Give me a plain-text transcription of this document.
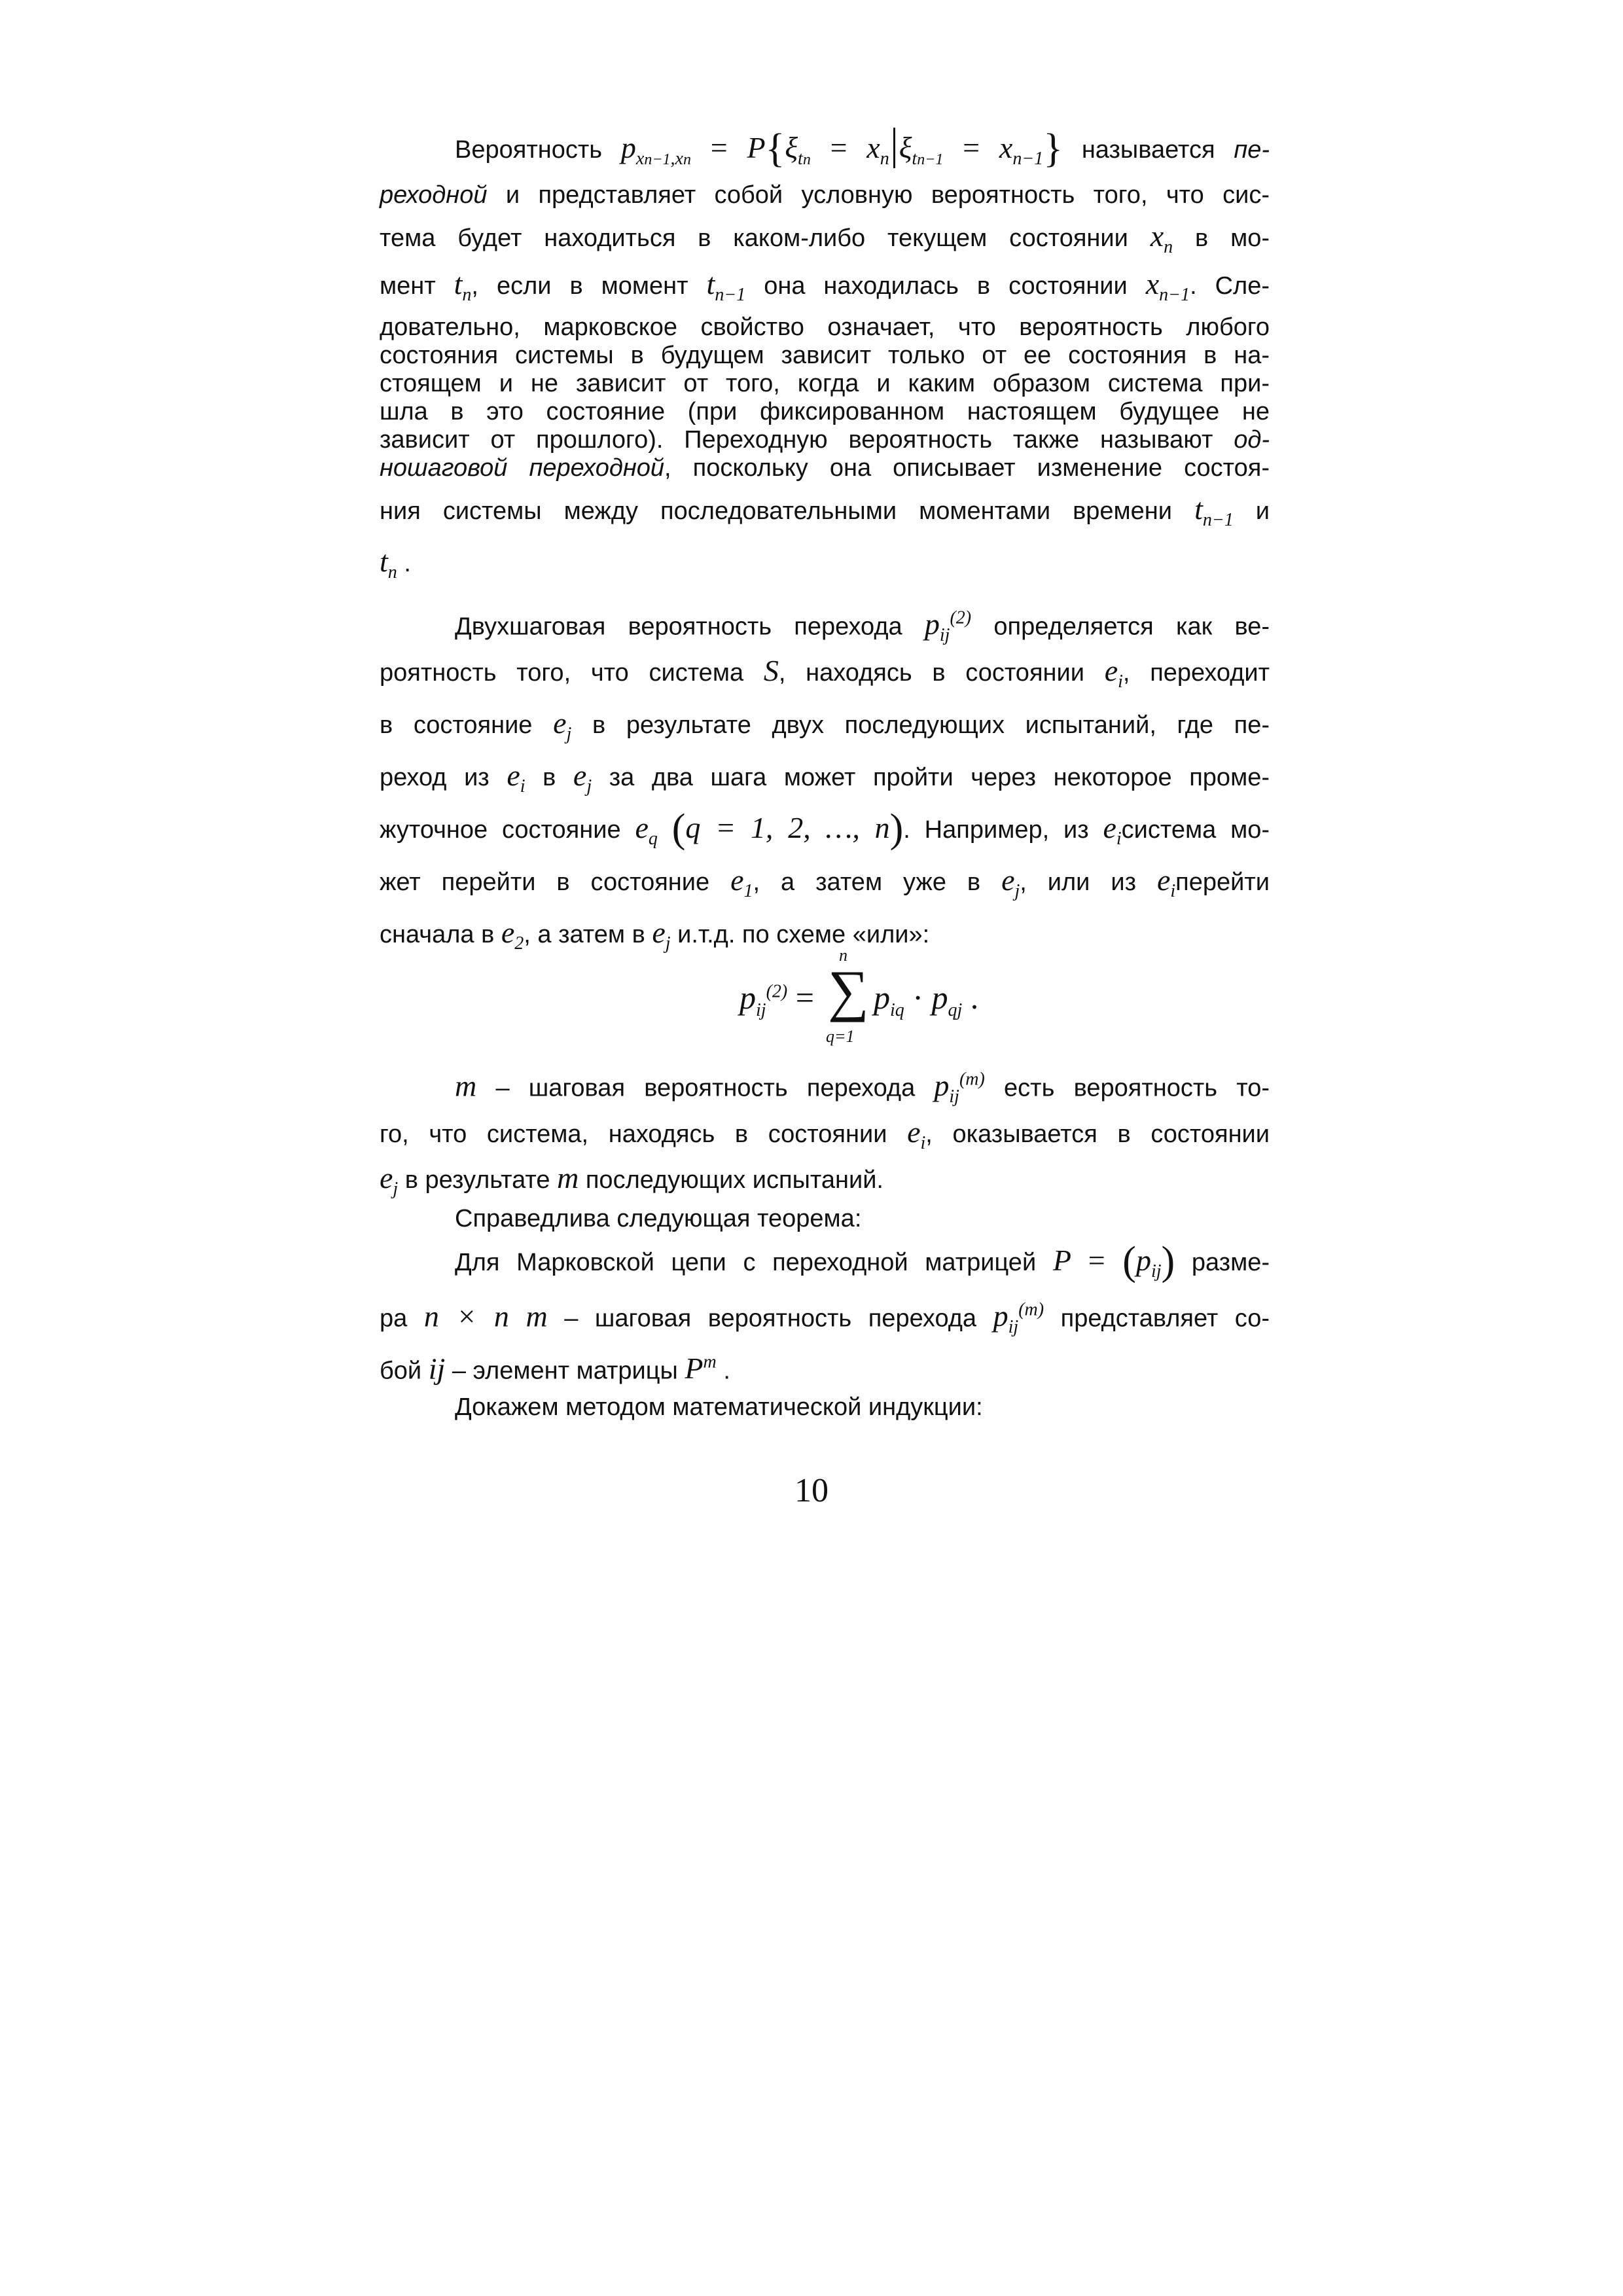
Вероятность $p_{xn-1,xn} = P\{\xi_{tn} = x_n$ $\xi_{tn-1} = x_{n-1}$} называется пе-
реходной и представляет собой условную вероятность того, что сис-
тема будет находиться в каком-либо текущем состоянии $x_n$ в мо-
мент $t_n$, если в момент $t_{n-1}$ она находилась в состоянии $x_{n-1}$. Сле-
довательно, марковское свойство означает, что вероятность любого
состояния системы в будущем зависит только от ее состояния в на-
стоящем и не зависит от того, когда и каким образом система при-
шла в это состояние (при фиксированном настоящем будущее не
зависит от прошлого). Переходную вероятность также называют од-
ношаговой переходной, поскольку она описывает изменение состоя-
ния системы между последовательными моментами времени $t_{n-1}$ и
$t_n$ .
Двухшаговая вероятность перехода $p_{ij}^{(2)}$ определяется как ве-
роятность того, что система S, находясь в состоянии $e_i$, переходит
в состояние $e_j$ в результате двух последующих испытаний, где пе-
реход из $e_i$ в $e_j$ за два шага может пройти через некоторое проме-
жуточное состояние $e_q$ (q = 1, 2, …, n). Например, из $e_iсистема$ мо-
жет перейти в состояние $e_1$, а затем уже в $e_j$, или из $e_iперейти$
сначала в $e_2$, а затем в $e_j$ и.т.д. по схеме «или»:
$p_{ij}^{(2)}$ =
n
∑
q=1
$p_{iq} \cdot p_{qj}$ .
m – шаговая вероятность перехода $p_{ij}^{(m)}$ есть вероятность то-
го, что система, находясь в состоянии $e_i$, оказывается в состоянии
$e_j$ в результате m последующих испытаний.
Справедлива следующая теорема:
Для Марковской цепи с переходной матрицей $P = (p_{ij})$ разме-
ра n × n m – шаговая вероятность перехода $p_{ij}^{(m)}$ представляет со-
бой ij – элемент матрицы $P^m$ .
Докажем методом математической индукции:
10
